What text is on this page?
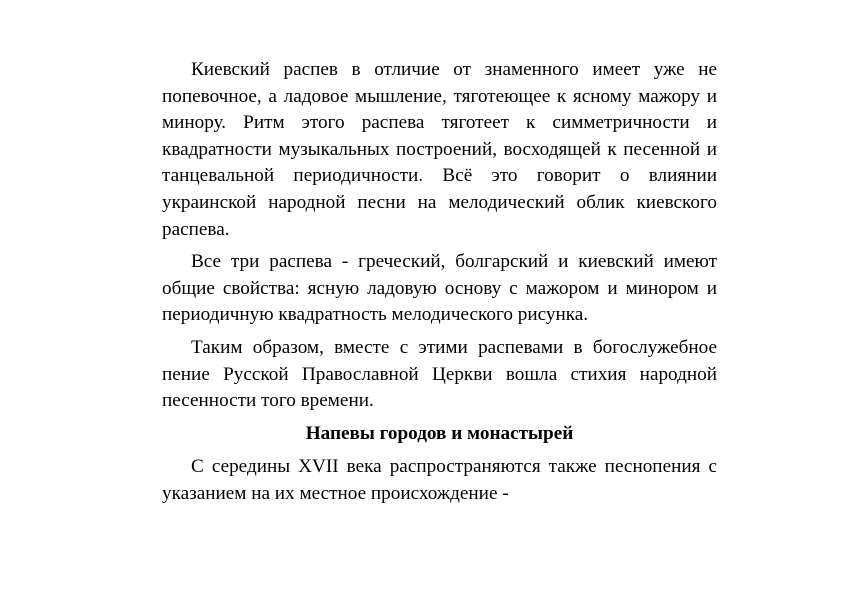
Киевский распев в отличие от знаменного имеет уже не попевочное, а ладовое мышление, тяготеющее к ясному мажору и минору. Ритм этого распева тяготеет к симметричности и квадратности музыкальных построений, восходящей к песенной и танцевальной периодичности. Всё это говорит о влиянии украинской народной песни на мелодический облик киевского распева.

Все три распева - греческий, болгарский и киевский имеют общие свойства: ясную ладовую основу с мажором и минором и периодичную квадратность мелодического рисунка.

Таким образом, вместе с этими распевами в богослужебное пение Русской Православной Церкви вошла стихия народной песенности того времени.

Напевы городов и монастырей

С середины XVII века распространяются также песнопения с указанием на их местное происхождение -
